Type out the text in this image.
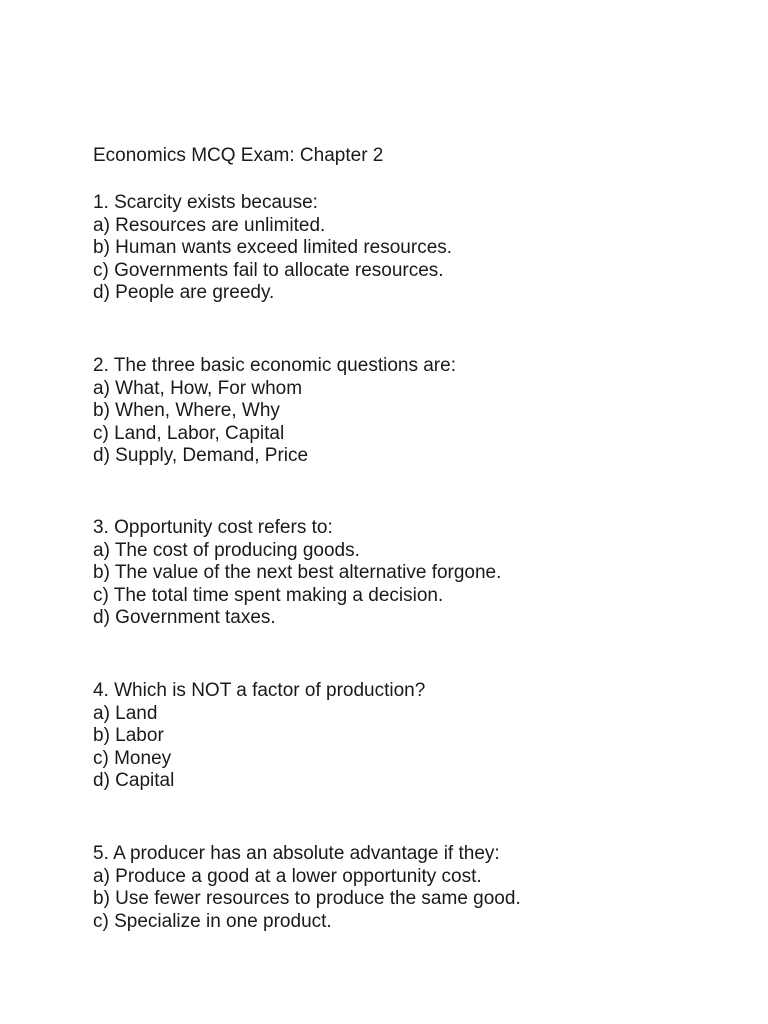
Economics MCQ Exam: Chapter 2
1. Scarcity exists because:
a) Resources are unlimited.
b) Human wants exceed limited resources.
c) Governments fail to allocate resources.
d) People are greedy.
2. The three basic economic questions are:
a) What, How, For whom
b) When, Where, Why
c) Land, Labor, Capital
d) Supply, Demand, Price
3. Opportunity cost refers to:
a) The cost of producing goods.
b) The value of the next best alternative forgone.
c) The total time spent making a decision.
d) Government taxes.
4. Which is NOT a factor of production?
a) Land
b) Labor
c) Money
d) Capital
5. A producer has an absolute advantage if they:
a) Produce a good at a lower opportunity cost.
b) Use fewer resources to produce the same good.
c) Specialize in one product.
